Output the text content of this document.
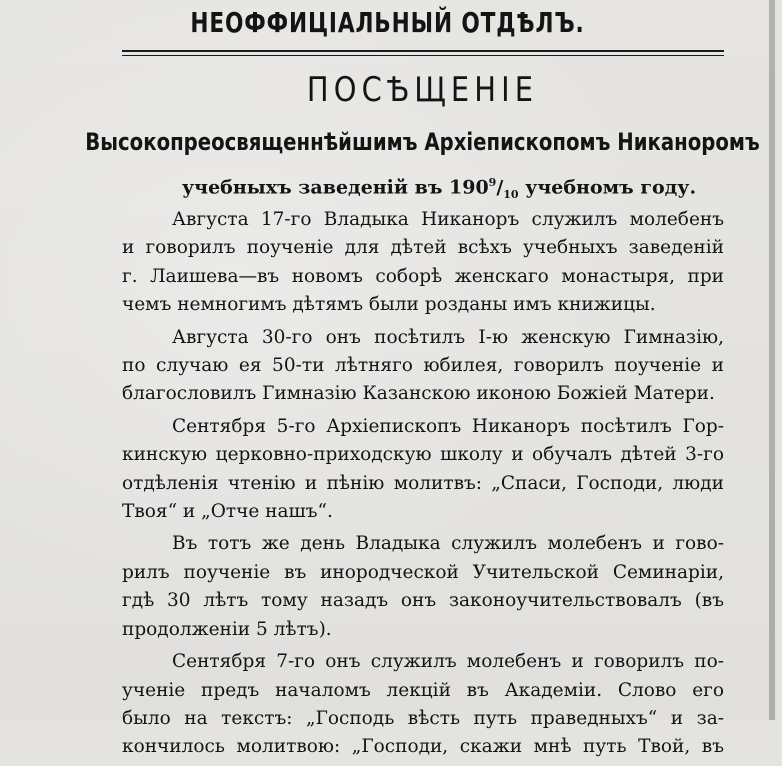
НЕОФФИЦIАЛЬНЫЙ ОТДѢЛЪ.
ПОСѢЩЕНIЕ
Высокопреосвященнѣйшимъ Архiепископомъ Никаноромъ
учебныхъ заведенiй въ $190^9/_{10}$ учебномъ году.
Августа 17-го Владыка Никаноръ служилъ молебенъ
и говорилъ поученiе для дѣтей всѣхъ учебныхъ заведенiй
г. Лаишева—въ новомъ соборѣ женскаго монастыря, при
чемъ немногимъ дѣтямъ были розданы имъ книжицы.
Августа 30-го онъ посѣтилъ I-ю женскую Гимназiю,
по случаю ея 50-ти лѣтняго юбилея, говорилъ поученiе и
благословилъ Гимназiю Казанскою иконою Божiей Матери.
Сентября 5-го Архiепископъ Никаноръ посѣтилъ Гор-
кинскую церковно-приходскую школу и обучалъ дѣтей 3-го
отдѣленiя чтенiю и пѣнiю молитвъ: „Спаси, Господи, люди
Твоя“ и „Отче нашъ“.
Въ тотъ же день Владыка служилъ молебенъ и гово-
рилъ поученiе въ инородческой Учительской Семинарiи,
гдѣ 30 лѣтъ тому назадъ онъ законоучительствовалъ (въ
продолженiи 5 лѣтъ).
Сентября 7-го онъ служилъ молебенъ и говорилъ по-
ученiе предъ началомъ лекцiй въ Академiи. Слово его
было на текстъ: „Господь вѣсть путь праведныхъ“ и за-
кончилось молитвою: „Господи, скажи мнѣ путь Твой, въ
